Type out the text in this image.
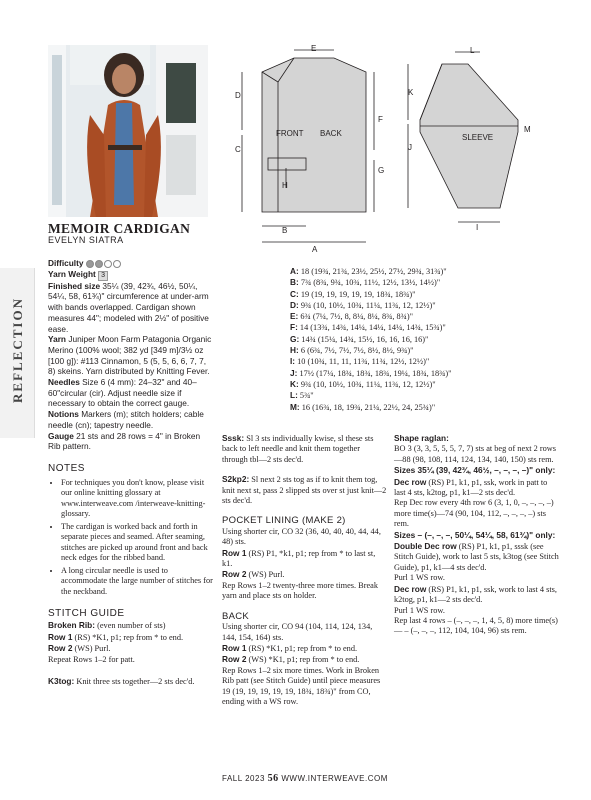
REFLECTION
MEMOIR CARDIGAN
EVELYN SIATRA

Difficulty

Yarn Weight 3

Finished size 35¼ (39, 42¾, 46½, 50¼, 54¼, 58, 61¾)" circumference at under-arm with bands overlapped. Cardigan shown measures 44"; modeled with 2½" of positive ease.

Yarn Juniper Moon Farm Patagonia Organic Merino (100% wool; 382 yd [349 m]/3½ oz [100 g]): #113 Cinnamon, 5 (5, 5, 6, 6, 7, 7, 8) skeins. Yarn distributed by Knitting Fever.

Needles Size 6 (4 mm): 24–32" and 40–60"circular (cir). Adjust needle size if necessary to obtain the correct gauge.

Notions Markers (m); stitch holders; cable needle (cn); tapestry needle.

Gauge 21 sts and 28 rows = 4" in Broken Rib pattern.

NOTES

• For techniques you don't know, please visit our online knitting glossary at www.interweave.com /interweave-knitting-glossary.
• The cardigan is worked back and forth in separate pieces and seamed. After seaming, stitches are picked up around front and back neck edges for the ribbed band.
• A long circular needle is used to accommodate the large number of stitches for the neckband.

STITCH GUIDE

Broken Rib: (even number of sts)

Row 1 (RS) *K1, p1; rep from * to end.

Row 2 (WS) Purl.

Repeat Rows 1–2 for patt.

K3tog: Knit three sts together—2 sts dec'd.

FRONT BACK	SLEEVE
E
D
C
F
G
H
B
A
L
K
J
M
I
A: 18 (19¾, 21¾, 23½, 25½, 27½, 29¾, 31¾)"
B: 7¾ (8¾, 9¾, 10¾, 11½, 12½, 13½, 14½)"
C: 19 (19, 19, 19, 19, 19, 18¾, 18¾)"
D: 9¾ (10, 10½, 10¾, 11¼, 11¾, 12, 12½)"
E: 6¾ (7¼, 7½, 8, 8¼, 8¼, 8¾, 8¾)"
F: 14 (13¾, 14¾, 14¼, 14¼, 14¼, 14¾, 15¾)"
G: 14¾ (15¼, 14¾, 15½, 16, 16, 16, 16)"
H: 6 (6¾, 7½, 7½, 7½, 8½, 8½, 9¾)"
I: 10 (10¾, 11, 11, 11¾, 11¾, 12½, 12½)"
J: 17½ (17¼, 18¾, 18¾, 18¾, 19¼, 18¾, 18¾)"
K: 9¾ (10, 10½, 10¾, 11¼, 11¾, 12, 12½)"
L: 5¾"
M: 16 (16¾, 18, 19¾, 21¼, 22½, 24, 25¾)"

Sssk: Sl 3 sts individually kwise, sl these sts back to left needle and knit them together through tbl—2 sts dec'd.

S2kp2: Sl next 2 sts tog as if to knit them tog, knit next st, pass 2 slipped sts over st just knit—2 sts dec'd.

POCKET LINING (MAKE 2)

Using shorter cir, CO 32 (36, 40, 40, 40, 44, 44, 48) sts.

Row 1 (RS) P1, *k1, p1; rep from * to last st, k1.

Row 2 (WS) Purl.

Rep Rows 1–2 twenty-three more times. Break yarn and place sts on holder.

BACK

Using shorter cir, CO 94 (104, 114, 124, 134, 144, 154, 164) sts.

Row 1 (RS) *K1, p1; rep from * to end.

Row 2 (WS) *K1, p1; rep from * to end.

Rep Rows 1–2 six more times. Work in Broken Rib patt (see Stitch Guide) until piece measures 19 (19, 19, 19, 19, 19, 18¾, 18¾)" from CO, ending with a WS row.

Shape raglan:

BO 3 (3, 3, 5, 5, 5, 7, 7) sts at beg of next 2 rows—88 (98, 108, 114, 124, 134, 140, 150) sts rem.

Sizes 35¼ (39, 42¾, 46½, –, –, –, –)" only:

Dec row (RS) P1, k1, p1, ssk, work in patt to last 4 sts, k2tog, p1, k1—2 sts dec'd.

Rep Dec row every 4th row 6 (3, 1, 0, –, –, –, –) more time(s)—74 (90, 104, 112, –, –, –, –) sts rem.

Sizes – (–, –, –, 50¼, 54¼, 58, 61¾)" only:

Double Dec row (RS) P1, k1, p1, sssk (see Stitch Guide), work to last 5 sts, k3tog (see Stitch Guide), p1, k1—4 sts dec'd.

Purl 1 WS row.

Dec row (RS) P1, k1, p1, ssk, work to last 4 sts, k2tog, p1, k1—2 sts dec'd.

Purl 1 WS row.

Rep last 4 rows – (–, –, –, 1, 4, 5, 8) more time(s)— – (–, –, –, 112, 104, 104, 96) sts rem.

FALL 2023 56 WWW.INTERWEAVE.COM
PassionForum.ru
